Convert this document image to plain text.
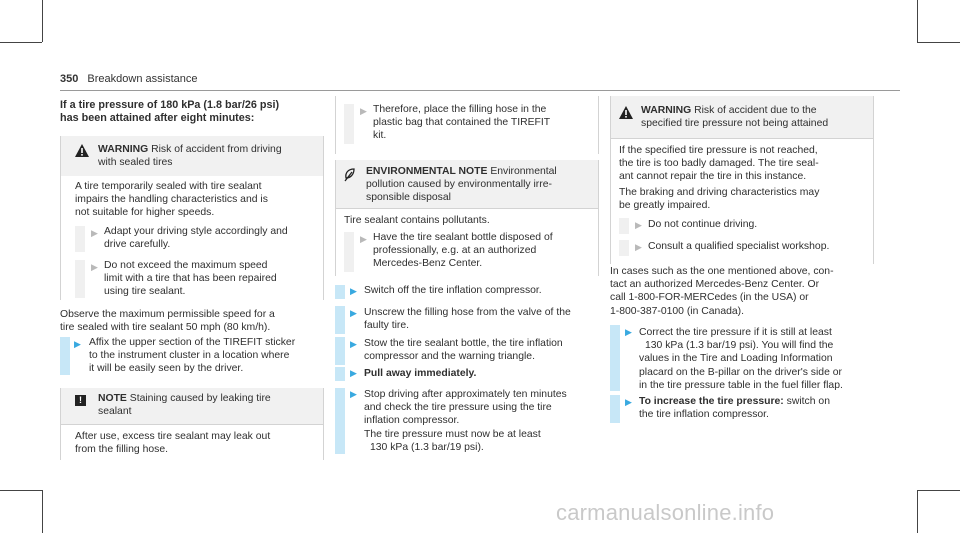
350 Breakdown assistance
If a tire pressure of 180 kPa (1.8 bar/26 psi)
has been attained after eight minutes:
WARNING Risk of accident from driving
with sealed tires
A tire temporarily sealed with tire sealant
impairs the handling characteristics and is
not suitable for higher speeds.
▶ Adapt your driving style accordingly and
drive carefully.
▶ Do not exceed the maximum speed
limit with a tire that has been repaired
using tire sealant.
Observe the maximum permissible speed for a
tire sealed with tire sealant 50 mph (80 km/h).
▶ Affix the upper section of the TIREFIT sticker
to the instrument cluster in a location where
it will be easily seen by the driver.
!	NOTE Staining caused by leaking tire
sealant
After use, excess tire sealant may leak out
from the filling hose.
▶ Therefore, place the filling hose in the
plastic bag that contained the TIREFIT
kit.
ENVIRONMENTAL NOTE Environmental
pollution caused by environmentally irre-
sponsible disposal
Tire sealant contains pollutants.
▶ Have the tire sealant bottle disposed of
professionally, e.g. at an authorized
Mercedes-Benz Center.
▶ Switch off the tire inflation compressor.
▶ Unscrew the filling hose from the valve of the
faulty tire.
▶ Stow the tire sealant bottle, the tire inflation
compressor and the warning triangle.
▶ Pull away immediately.
▶ Stop driving after approximately ten minutes
and check the tire pressure using the tire
inflation compressor.
The tire pressure must now be at least
130 kPa (1.3 bar/19 psi).
WARNING Risk of accident due to the
specified tire pressure not being attained
If the specified tire pressure is not reached,
the tire is too badly damaged. The tire seal-
ant cannot repair the tire in this instance.
The braking and driving characteristics may
be greatly impaired.
▶ Do not continue driving.
▶ Consult a qualified specialist workshop.
In cases such as the one mentioned above, con-
tact an authorized Mercedes-Benz Center. Or
call 1-800-FOR-MERCedes (in the USA) or
1-800-387-0100 (in Canada).
▶ Correct the tire pressure if it is still at least
130 kPa (1.3 bar/19 psi). You will find the
values in the Tire and Loading Information
placard on the B-pillar on the driver's side or
in the tire pressure table in the fuel filler flap.
▶ To increase the tire pressure: switch on
the tire inflation compressor.
carmanualsonline.info
